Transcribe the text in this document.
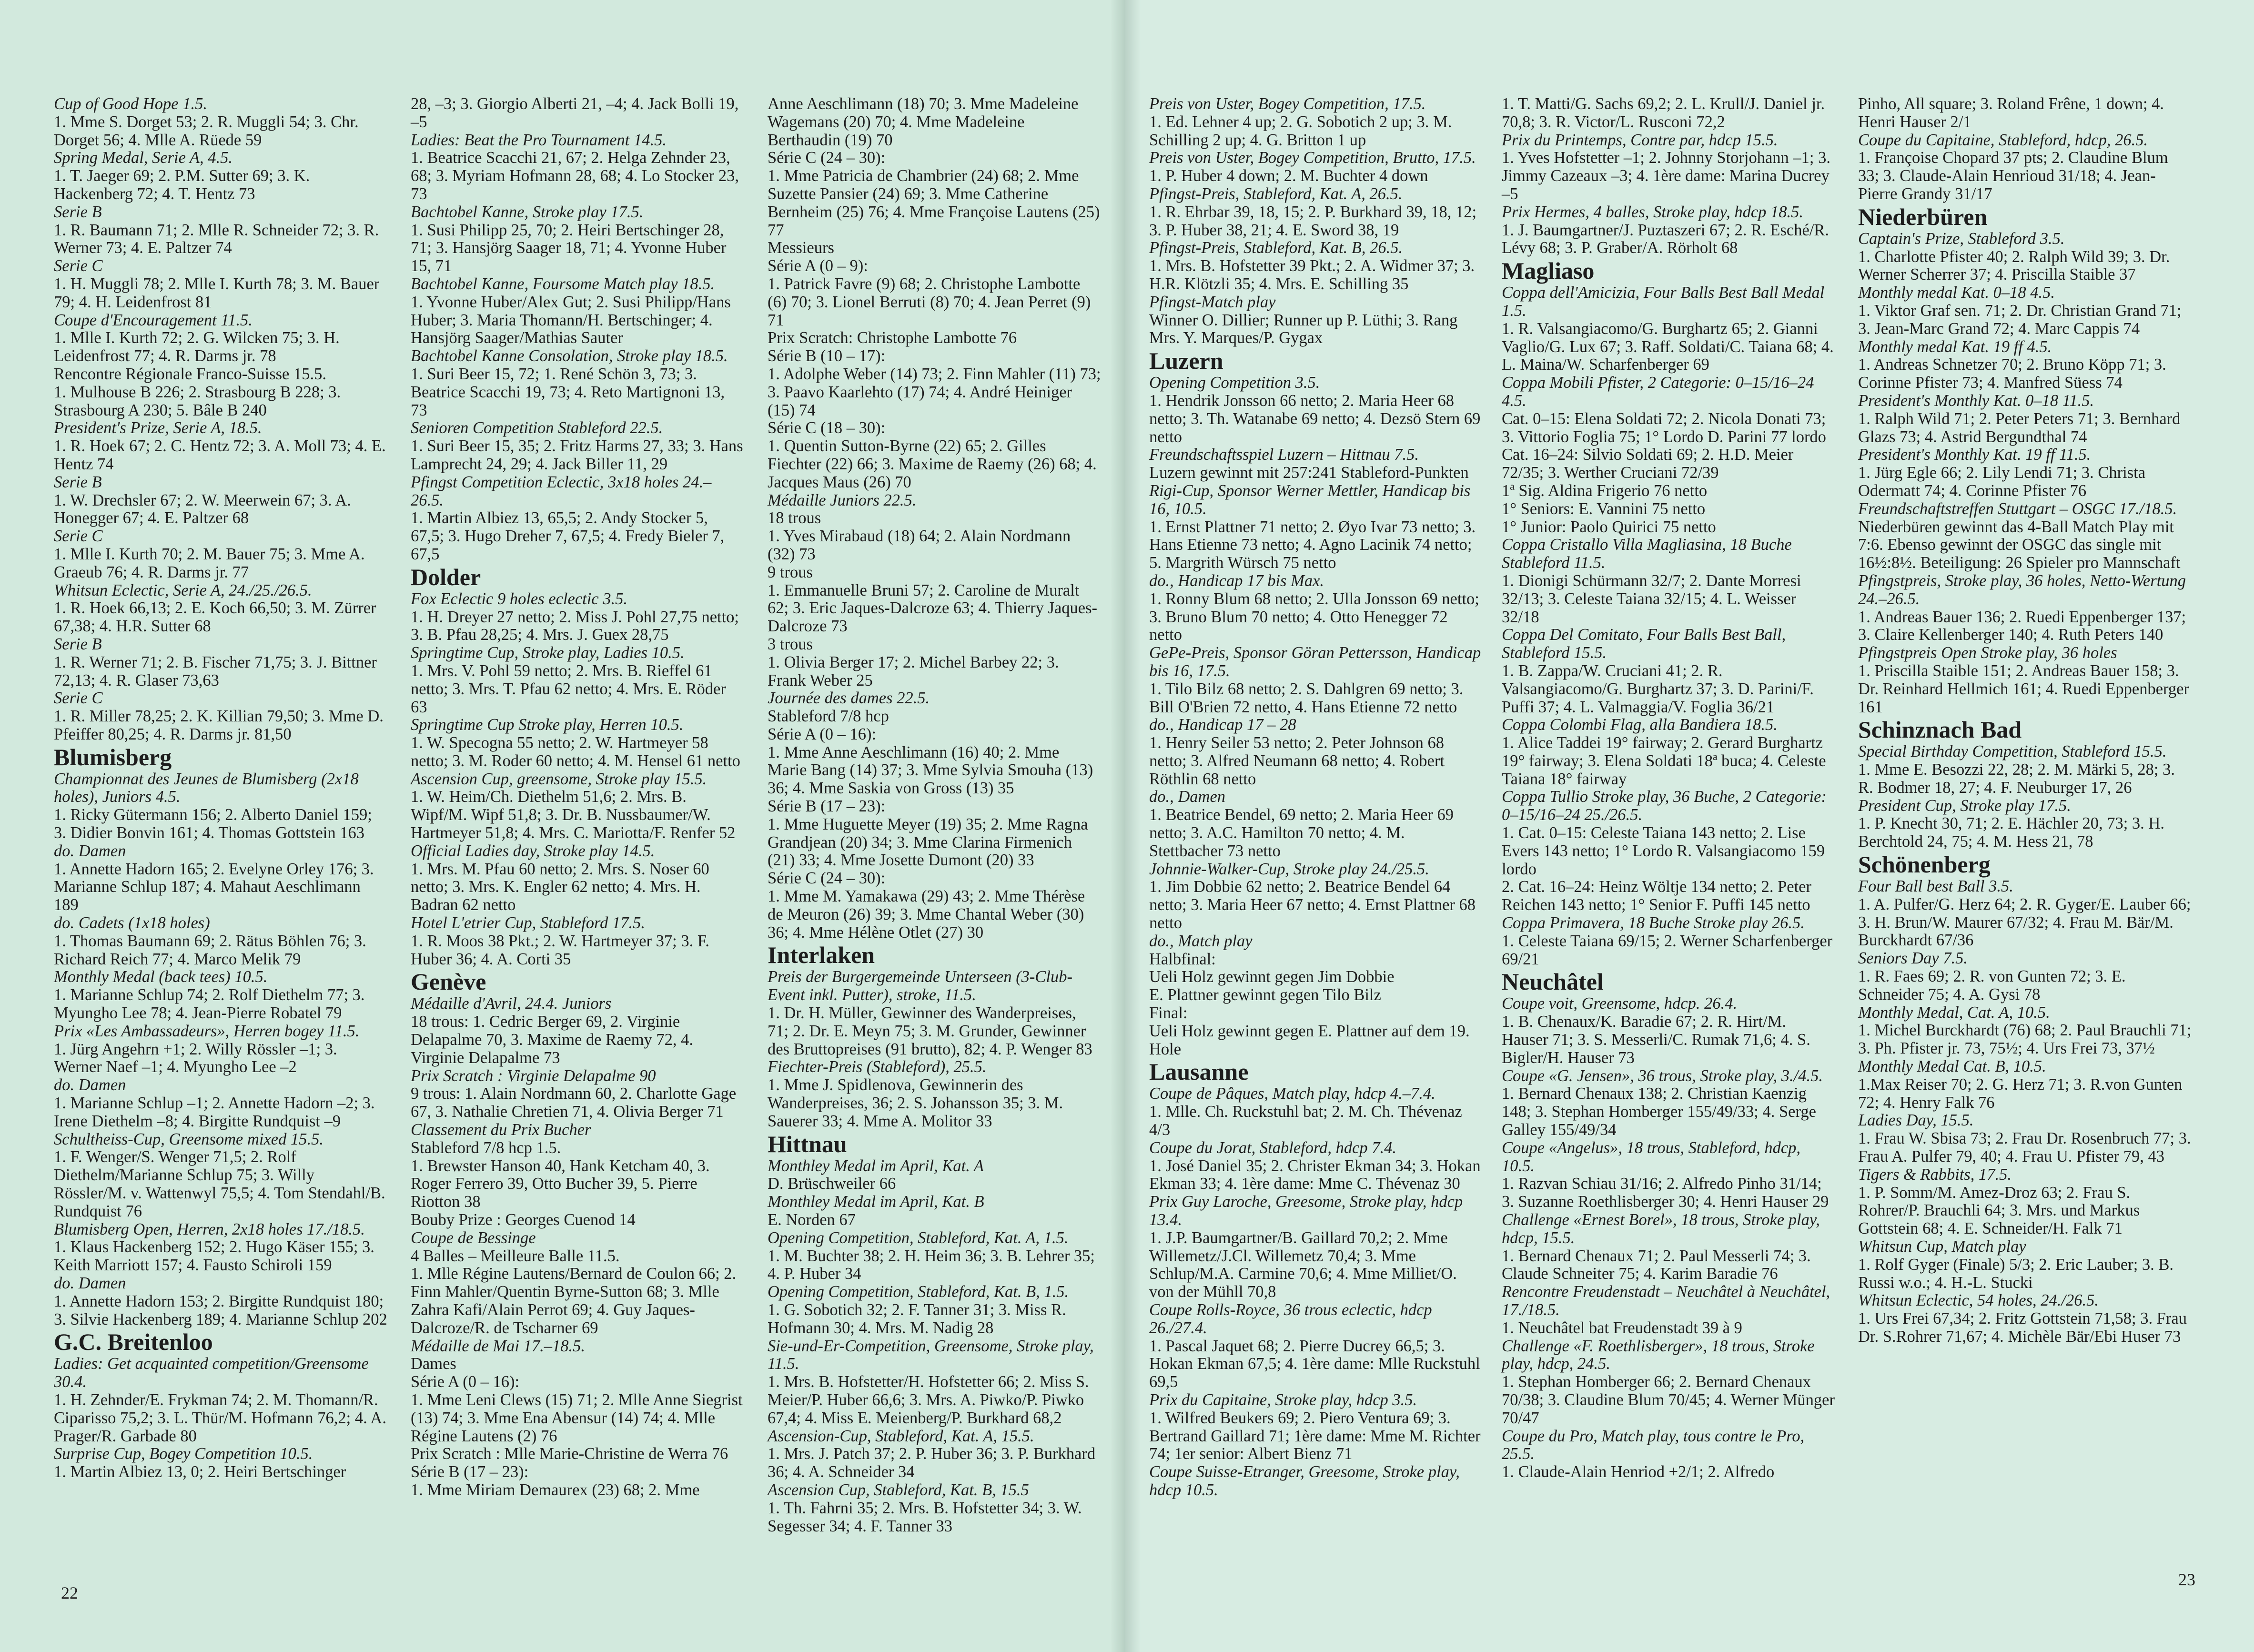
Cup of Good Hope 1.5.
1. Mme S. Dorget 53; 2. R. Muggli 54; 3. Chr. Dorget 56; 4. Mlle A. Rüede 59
Spring Medal, Serie A, 4.5.
1. T. Jaeger 69; 2. P.M. Sutter 69; 3. K. Hackenberg 72; 4. T. Hentz 73
Serie B
1. R. Baumann 71; 2. Mlle R. Schneider 72; 3. R. Werner 73; 4. E. Paltzer 74
Serie C
1. H. Muggli 78; 2. Mlle I. Kurth 78; 3. M. Bauer 79; 4. H. Leidenfrost 81
Coupe d'Encouragement 11.5.
1. Mlle I. Kurth 72; 2. G. Wilcken 75; 3. H. Leidenfrost 77; 4. R. Darms jr. 78
Rencontre Régionale Franco-Suisse 15.5.
1. Mulhouse B 226; 2. Strasbourg B 228; 3. Strasbourg A 230; 5. Bâle B 240
President's Prize, Serie A, 18.5.
1. R. Hoek 67; 2. C. Hentz 72; 3. A. Moll 73; 4. E. Hentz 74
Serie B
1. W. Drechsler 67; 2. W. Meerwein 67; 3. A. Honegger 67; 4. E. Paltzer 68
Serie C
1. Mlle I. Kurth 70; 2. M. Bauer 75; 3. Mme A. Graeub 76; 4. R. Darms jr. 77
Whitsun Eclectic, Serie A, 24./25./26.5.
1. R. Hoek 66,13; 2. E. Koch 66,50; 3. M. Zürrer 67,38; 4. H.R. Sutter 68
Serie B
1. R. Werner 71; 2. B. Fischer 71,75; 3. J. Bittner 72,13; 4. R. Glaser 73,63
Serie C
1. R. Miller 78,25; 2. K. Killian 79,50; 3. Mme D. Pfeiffer 80,25; 4. R. Darms jr. 81,50
Blumisberg
Championnat des Jeunes de Blumisberg (2x18 holes), Juniors 4.5.
1. Ricky Gütermann 156; 2. Alberto Daniel 159; 3. Didier Bonvin 161; 4. Thomas Gottstein 163
do. Damen
1. Annette Hadorn 165; 2. Evelyne Orley 176; 3. Marianne Schlup 187; 4. Mahaut Aeschlimann 189
do. Cadets (1x18 holes)
1. Thomas Baumann 69; 2. Rätus Böhlen 76; 3. Richard Reich 77; 4. Marco Melik 79
Monthly Medal (back tees) 10.5.
1. Marianne Schlup 74; 2. Rolf Diethelm 77; 3. Myungho Lee 78; 4. Jean-Pierre Robatel 79
Prix «Les Ambassadeurs», Herren bogey 11.5.
1. Jürg Angehrn +1; 2. Willy Rössler –1; 3. Werner Naef –1; 4. Myungho Lee –2
do. Damen
1. Marianne Schlup –1; 2. Annette Hadorn –2; 3. Irene Diethelm –8; 4. Birgitte Rundquist –9
Schultheiss-Cup, Greensome mixed 15.5.
1. F. Wenger/S. Wenger 71,5; 2. Rolf Diethelm/Marianne Schlup 75; 3. Willy Rössler/M. v. Wattenwyl 75,5; 4. Tom Stendahl/B. Rundquist 76
Blumisberg Open, Herren, 2x18 holes 17./18.5.
1. Klaus Hackenberg 152; 2. Hugo Käser 155; 3. Keith Marriott 157; 4. Fausto Schiroli 159
do. Damen
1. Annette Hadorn 153; 2. Birgitte Rundquist 180; 3. Silvie Hackenberg 189; 4. Marianne Schlup 202
G.C. Breitenloo
Ladies: Get acquainted competition/Greensome 30.4.
1. H. Zehnder/E. Frykman 74; 2. M. Thomann/R. Ciparisso 75,2; 3. L. Thür/M. Hofmann 76,2; 4. A. Prager/R. Garbade 80
Surprise Cup, Bogey Competition 10.5.
1. Martin Albiez 13, 0; 2. Heiri Bertschinger
28, –3; 3. Giorgio Alberti 21, –4; 4. Jack Bolli 19, –5
Ladies: Beat the Pro Tournament 14.5.
1. Beatrice Scacchi 21, 67; 2. Helga Zehnder 23, 68; 3. Myriam Hofmann 28, 68; 4. Lo Stocker 23, 73
Bachtobel Kanne, Stroke play 17.5.
1. Susi Philipp 25, 70; 2. Heiri Bertschinger 28, 71; 3. Hansjörg Saager 18, 71; 4. Yvonne Huber 15, 71
Bachtobel Kanne, Foursome Match play 18.5.
1. Yvonne Huber/Alex Gut; 2. Susi Philipp/Hans Huber; 3. Maria Thomann/H. Bertschinger; 4. Hansjörg Saager/Mathias Sauter
Bachtobel Kanne Consolation, Stroke play 18.5.
1. Suri Beer 15, 72; 1. René Schön 3, 73; 3. Beatrice Scacchi 19, 73; 4. Reto Martignoni 13, 73
Senioren Competition Stableford 22.5.
1. Suri Beer 15, 35; 2. Fritz Harms 27, 33; 3. Hans Lamprecht 24, 29; 4. Jack Biller 11, 29
Pfingst Competition Eclectic, 3x18 holes 24.–26.5.
1. Martin Albiez 13, 65,5; 2. Andy Stocker 5, 67,5; 3. Hugo Dreher 7, 67,5; 4. Fredy Bieler 7, 67,5
Dolder
Fox Eclectic 9 holes eclectic 3.5.
1. H. Dreyer 27 netto; 2. Miss J. Pohl 27,75 netto; 3. B. Pfau 28,25; 4. Mrs. J. Guex 28,75
Springtime Cup, Stroke play, Ladies 10.5.
1. Mrs. V. Pohl 59 netto; 2. Mrs. B. Rieffel 61 netto; 3. Mrs. T. Pfau 62 netto; 4. Mrs. E. Röder 63
Springtime Cup Stroke play, Herren 10.5.
1. W. Specogna 55 netto; 2. W. Hartmeyer 58 netto; 3. M. Roder 60 netto; 4. M. Hensel 61 netto
Ascension Cup, greensome, Stroke play 15.5.
1. W. Heim/Ch. Diethelm 51,6; 2. Mrs. B. Wipf/M. Wipf 51,8; 3. Dr. B. Nussbaumer/W. Hartmeyer 51,8; 4. Mrs. C. Mariotta/F. Renfer 52
Official Ladies day, Stroke play 14.5.
1. Mrs. M. Pfau 60 netto; 2. Mrs. S. Noser 60 netto; 3. Mrs. K. Engler 62 netto; 4. Mrs. H. Badran 62 netto
Hotel L'etrier Cup, Stableford 17.5.
1. R. Moos 38 Pkt.; 2. W. Hartmeyer 37; 3. F. Huber 36; 4. A. Corti 35
Genève
Médaille d'Avril, 24.4. Juniors
18 trous: 1. Cedric Berger 69, 2. Virginie Delapalme 70, 3. Maxime de Raemy 72, 4. Virginie Delapalme 73
Prix Scratch : Virginie Delapalme 90
9 trous: 1. Alain Nordmann 60, 2. Charlotte Gage 67, 3. Nathalie Chretien 71, 4. Olivia Berger 71
Classement du Prix Bucher
Stableford 7/8 hcp 1.5.
1. Brewster Hanson 40, Hank Ketcham 40, 3. Roger Ferrero 39, Otto Bucher 39, 5. Pierre Riotton 38
Bouby Prize : Georges Cuenod 14
Coupe de Bessinge
4 Balles – Meilleure Balle 11.5.
1. Mlle Régine Lautens/Bernard de Coulon 66; 2. Finn Mahler/Quentin Byrne-Sutton 68; 3. Mlle Zahra Kafi/Alain Perrot 69; 4. Guy Jaques-Dalcroze/R. de Tscharner 69
Médaille de Mai 17.–18.5.
Dames
Série A (0 – 16):
1. Mme Leni Clews (15) 71; 2. Mlle Anne Siegrist (13) 74; 3. Mme Ena Abensur (14) 74; 4. Mlle Régine Lautens (2) 76
Prix Scratch : Mlle Marie-Christine de Werra 76
Série B (17 – 23):
1. Mme Miriam Demaurex (23) 68; 2. Mme
Anne Aeschlimann (18) 70; 3. Mme Madeleine Wagemans (20) 70; 4. Mme Madeleine Berthaudin (19) 70
Série C (24 – 30):
1. Mme Patricia de Chambrier (24) 68; 2. Mme Suzette Pansier (24) 69; 3. Mme Catherine Bernheim (25) 76; 4. Mme Françoise Lautens (25) 77
Messieurs
Série A (0 – 9):
1. Patrick Favre (9) 68; 2. Christophe Lambotte (6) 70; 3. Lionel Berruti (8) 70; 4. Jean Perret (9) 71
Prix Scratch: Christophe Lambotte 76
Série B (10 – 17):
1. Adolphe Weber (14) 73; 2. Finn Mahler (11) 73; 3. Paavo Kaarlehto (17) 74; 4. André Heiniger (15) 74
Série C (18 – 30):
1. Quentin Sutton-Byrne (22) 65; 2. Gilles Fiechter (22) 66; 3. Maxime de Raemy (26) 68; 4. Jacques Maus (26) 70
Médaille Juniors 22.5.
18 trous
1. Yves Mirabaud (18) 64; 2. Alain Nordmann (32) 73
9 trous
1. Emmanuelle Bruni 57; 2. Caroline de Muralt 62; 3. Eric Jaques-Dalcroze 63; 4. Thierry Jaques-Dalcroze 73
3 trous
1. Olivia Berger 17; 2. Michel Barbey 22; 3. Frank Weber 25
Journée des dames 22.5.
Stableford 7/8 hcp
Série A (0 – 16):
1. Mme Anne Aeschlimann (16) 40; 2. Mme Marie Bang (14) 37; 3. Mme Sylvia Smouha (13) 36; 4. Mme Saskia von Gross (13) 35
Série B (17 – 23):
1. Mme Huguette Meyer (19) 35; 2. Mme Ragna Grandjean (20) 34; 3. Mme Clarina Firmenich (21) 33; 4. Mme Josette Dumont (20) 33
Série C (24 – 30):
1. Mme M. Yamakawa (29) 43; 2. Mme Thérèse de Meuron (26) 39; 3. Mme Chantal Weber (30) 36; 4. Mme Hélène Otlet (27) 30
Interlaken
Preis der Burgergemeinde Unterseen (3-Club-Event inkl. Putter), stroke, 11.5.
1. Dr. H. Müller, Gewinner des Wanderpreises, 71; 2. Dr. E. Meyn 75; 3. M. Grunder, Gewinner des Bruttopreises (91 brutto), 82; 4. P. Wenger 83
Fiechter-Preis (Stableford), 25.5.
1. Mme J. Spidlenova, Gewinnerin des Wanderpreises, 36; 2. S. Johansson 35; 3. M. Sauerer 33; 4. Mme A. Molitor 33
Hittnau
Monthley Medal im April, Kat. A
D. Brüschweiler 66
Monthley Medal im April, Kat. B
E. Norden 67
Opening Competition, Stableford, Kat. A, 1.5.
1. M. Buchter 38; 2. H. Heim 36; 3. B. Lehrer 35; 4. P. Huber 34
Opening Competition, Stableford, Kat. B, 1.5.
1. G. Sobotich 32; 2. F. Tanner 31; 3. Miss R. Hofmann 30; 4. Mrs. M. Nadig 28
Sie-und-Er-Competition, Greensome, Stroke play, 11.5.
1. Mrs. B. Hofstetter/H. Hofstetter 66; 2. Miss S. Meier/P. Huber 66,6; 3. Mrs. A. Piwko/P. Piwko 67,4; 4. Miss E. Meienberg/P. Burkhard 68,2
Ascension-Cup, Stableford, Kat. A, 15.5.
1. Mrs. J. Patch 37; 2. P. Huber 36; 3. P. Burkhard 36; 4. A. Schneider 34
Ascension Cup, Stableford, Kat. B, 15.5
1. Th. Fahrni 35; 2. Mrs. B. Hofstetter 34; 3. W. Segesser 34; 4. F. Tanner 33
Preis von Uster, Bogey Competition, 17.5.
1. Ed. Lehner 4 up; 2. G. Sobotich 2 up; 3. M. Schilling 2 up; 4. G. Britton 1 up
Preis von Uster, Bogey Competition, Brutto, 17.5.
1. P. Huber 4 down; 2. M. Buchter 4 down
Pfingst-Preis, Stableford, Kat. A, 26.5.
1. R. Ehrbar 39, 18, 15; 2. P. Burkhard 39, 18, 12; 3. P. Huber 38, 21; 4. E. Sword 38, 19
Pfingst-Preis, Stableford, Kat. B, 26.5.
1. Mrs. B. Hofstetter 39 Pkt.; 2. A. Widmer 37; 3. H.R. Klötzli 35; 4. Mrs. E. Schilling 35
Pfingst-Match play
Winner O. Dillier; Runner up P. Lüthi; 3. Rang Mrs. Y. Marques/P. Gygax
Luzern
Opening Competition 3.5.
1. Hendrik Jonsson 66 netto; 2. Maria Heer 68 netto; 3. Th. Watanabe 69 netto; 4. Dezsö Stern 69 netto
Freundschaftsspiel Luzern – Hittnau 7.5.
Luzern gewinnt mit 257:241 Stableford-Punkten
Rigi-Cup, Sponsor Werner Mettler, Handicap bis 16, 10.5.
1. Ernst Plattner 71 netto; 2. Øyo Ivar 73 netto; 3. Hans Etienne 73 netto; 4. Agno Lacinik 74 netto; 5. Margrith Würsch 75 netto
do., Handicap 17 bis Max.
1. Ronny Blum 68 netto; 2. Ulla Jonsson 69 netto; 3. Bruno Blum 70 netto; 4. Otto Henegger 72 netto
GePe-Preis, Sponsor Göran Pettersson, Handicap bis 16, 17.5.
1. Tilo Bilz 68 netto; 2. S. Dahlgren 69 netto; 3. Bill O'Brien 72 netto, 4. Hans Etienne 72 netto
do., Handicap 17 – 28
1. Henry Seiler 53 netto; 2. Peter Johnson 68 netto; 3. Alfred Neumann 68 netto; 4. Robert Röthlin 68 netto
do., Damen
1. Beatrice Bendel, 69 netto; 2. Maria Heer 69 netto; 3. A.C. Hamilton 70 netto; 4. M. Stettbacher 73 netto
Johnnie-Walker-Cup, Stroke play 24./25.5.
1. Jim Dobbie 62 netto; 2. Beatrice Bendel 64 netto; 3. Maria Heer 67 netto; 4. Ernst Plattner 68 netto
do., Match play
Halbfinal:
Ueli Holz gewinnt gegen Jim Dobbie
E. Plattner gewinnt gegen Tilo Bilz
Final:
Ueli Holz gewinnt gegen E. Plattner auf dem 19. Hole
Lausanne
Coupe de Pâques, Match play, hdcp 4.–7.4.
1. Mlle. Ch. Ruckstuhl bat; 2. M. Ch. Thévenaz 4/3
Coupe du Jorat, Stableford, hdcp 7.4.
1. José Daniel 35; 2. Christer Ekman 34; 3. Hokan Ekman 33; 4. 1ère dame: Mme C. Thévenaz 30
Prix Guy Laroche, Greesome, Stroke play, hdcp 13.4.
1. J.P. Baumgartner/B. Gaillard 70,2; 2. Mme Willemetz/J.Cl. Willemetz 70,4; 3. Mme Schlup/M.A. Carmine 70,6; 4. Mme Milliet/O. von der Mühll 70,8
Coupe Rolls-Royce, 36 trous eclectic, hdcp 26./27.4.
1. Pascal Jaquet 68; 2. Pierre Ducrey 66,5; 3. Hokan Ekman 67,5; 4. 1ère dame: Mlle Ruckstuhl 69,5
Prix du Capitaine, Stroke play, hdcp 3.5.
1. Wilfred Beukers 69; 2. Piero Ventura 69; 3. Bertrand Gaillard 71; 1ère dame: Mme M. Richter 74; 1er senior: Albert Bienz 71
Coupe Suisse-Etranger, Greesome, Stroke play, hdcp 10.5.
1. T. Matti/G. Sachs 69,2; 2. L. Krull/J. Daniel jr. 70,8; 3. R. Victor/L. Rusconi 72,2
Prix du Printemps, Contre par, hdcp 15.5.
1. Yves Hofstetter –1; 2. Johnny Storjohann –1; 3. Jimmy Cazeaux –3; 4. 1ère dame: Marina Ducrey –5
Prix Hermes, 4 balles, Stroke play, hdcp 18.5.
1. J. Baumgartner/J. Puztaszeri 67; 2. R. Esché/R. Lévy 68; 3. P. Graber/A. Rörholt 68
Magliaso
Coppa dell'Amicizia, Four Balls Best Ball Medal 1.5.
1. R. Valsangiacomo/G. Burghartz 65; 2. Gianni Vaglio/G. Lux 67; 3. Raff. Soldati/C. Taiana 68; 4. L. Maina/W. Scharfenberger 69
Coppa Mobili Pfister, 2 Categorie: 0–15/16–24 4.5.
Cat. 0–15: Elena Soldati 72; 2. Nicola Donati 73; 3. Vittorio Foglia 75; 1° Lordo D. Parini 77 lordo
Cat. 16–24: Silvio Soldati 69; 2. H.D. Meier 72/35; 3. Werther Cruciani 72/39
1ª Sig. Aldina Frigerio 76 netto
1° Seniors: E. Vannini 75 netto
1° Junior: Paolo Quirici 75 netto
Coppa Cristallo Villa Magliasina, 18 Buche Stableford 11.5.
1. Dionigi Schürmann 32/7; 2. Dante Morresi 32/13; 3. Celeste Taiana 32/15; 4. L. Weisser 32/18
Coppa Del Comitato, Four Balls Best Ball, Stableford 15.5.
1. B. Zappa/W. Cruciani 41; 2. R. Valsangiacomo/G. Burghartz 37; 3. D. Parini/F. Puffi 37; 4. L. Valmaggia/V. Foglia 36/21
Coppa Colombi Flag, alla Bandiera 18.5.
1. Alice Taddei 19° fairway; 2. Gerard Burghartz 19° fairway; 3. Elena Soldati 18ª buca; 4. Celeste Taiana 18° fairway
Coppa Tullio Stroke play, 36 Buche, 2 Categorie: 0–15/16–24 25./26.5.
1. Cat. 0–15: Celeste Taiana 143 netto; 2. Lise Evers 143 netto; 1° Lordo R. Valsangiacomo 159 lordo
2. Cat. 16–24: Heinz Wöltje 134 netto; 2. Peter Reichen 143 netto; 1° Senior F. Puffi 145 netto
Coppa Primavera, 18 Buche Stroke play 26.5.
1. Celeste Taiana 69/15; 2. Werner Scharfenberger 69/21
Neuchâtel
Coupe voit, Greensome, hdcp. 26.4.
1. B. Chenaux/K. Baradie 67; 2. R. Hirt/M. Hauser 71; 3. S. Messerli/C. Rumak 71,6; 4. S. Bigler/H. Hauser 73
Coupe «G. Jensen», 36 trous, Stroke play, 3./4.5.
1. Bernard Chenaux 138; 2. Christian Kaenzig 148; 3. Stephan Homberger 155/49/33; 4. Serge Galley 155/49/34
Coupe «Angelus», 18 trous, Stableford, hdcp, 10.5.
1. Razvan Schiau 31/16; 2. Alfredo Pinho 31/14; 3. Suzanne Roethlisberger 30; 4. Henri Hauser 29
Challenge «Ernest Borel», 18 trous, Stroke play, hdcp, 15.5.
1. Bernard Chenaux 71; 2. Paul Messerli 74; 3. Claude Schneiter 75; 4. Karim Baradie 76
Rencontre Freudenstadt – Neuchâtel à Neuchâtel, 17./18.5.
1. Neuchâtel bat Freudenstadt 39 à 9
Challenge «F. Roethlisberger», 18 trous, Stroke play, hdcp, 24.5.
1. Stephan Homberger 66; 2. Bernard Chenaux 70/38; 3. Claudine Blum 70/45; 4. Werner Münger 70/47
Coupe du Pro, Match play, tous contre le Pro, 25.5.
1. Claude-Alain Henriod +2/1; 2. Alfredo
Pinho, All square; 3. Roland Frêne, 1 down; 4. Henri Hauser 2/1
Coupe du Capitaine, Stableford, hdcp, 26.5.
1. Françoise Chopard 37 pts; 2. Claudine Blum 33; 3. Claude-Alain Henrioud 31/18; 4. Jean-Pierre Grandy 31/17
Niederbüren
Captain's Prize, Stableford 3.5.
1. Charlotte Pfister 40; 2. Ralph Wild 39; 3. Dr. Werner Scherrer 37; 4. Priscilla Staible 37
Monthly medal Kat. 0–18 4.5.
1. Viktor Graf sen. 71; 2. Dr. Christian Grand 71; 3. Jean-Marc Grand 72; 4. Marc Cappis 74
Monthly medal Kat. 19 ff 4.5.
1. Andreas Schnetzer 70; 2. Bruno Köpp 71; 3. Corinne Pfister 73; 4. Manfred Süess 74
President's Monthly Kat. 0–18 11.5.
1. Ralph Wild 71; 2. Peter Peters 71; 3. Bernhard Glazs 73; 4. Astrid Bergundthal 74
President's Monthly Kat. 19 ff 11.5.
1. Jürg Egle 66; 2. Lily Lendi 71; 3. Christa Odermatt 74; 4. Corinne Pfister 76
Freundschaftstreffen Stuttgart – OSGC 17./18.5.
Niederbüren gewinnt das 4-Ball Match Play mit 7:6. Ebenso gewinnt der OSGC das single mit 16½:8½. Beteiligung: 26 Spieler pro Mannschaft
Pfingstpreis, Stroke play, 36 holes, Netto-Wertung 24.–26.5.
1. Andreas Bauer 136; 2. Ruedi Eppenberger 137; 3. Claire Kellenberger 140; 4. Ruth Peters 140
Pfingstpreis Open Stroke play, 36 holes
1. Priscilla Staible 151; 2. Andreas Bauer 158; 3. Dr. Reinhard Hellmich 161; 4. Ruedi Eppenberger 161
Schinznach Bad
Special Birthday Competition, Stableford 15.5.
1. Mme E. Besozzi 22, 28; 2. M. Märki 5, 28; 3. R. Bodmer 18, 27; 4. F. Neuburger 17, 26
President Cup, Stroke play 17.5.
1. P. Knecht 30, 71; 2. E. Hächler 20, 73; 3. H. Berchtold 24, 75; 4. M. Hess 21, 78
Schönenberg
Four Ball best Ball 3.5.
1. A. Pulfer/G. Herz 64; 2. R. Gyger/E. Lauber 66; 3. H. Brun/W. Maurer 67/32; 4. Frau M. Bär/M. Burckhardt 67/36
Seniors Day 7.5.
1. R. Faes 69; 2. R. von Gunten 72; 3. E. Schneider 75; 4. A. Gysi 78
Monthly Medal, Cat. A, 10.5.
1. Michel Burckhardt (76) 68; 2. Paul Brauchli 71; 3. Ph. Pfister jr. 73, 75½; 4. Urs Frei 73, 37½
Monthly Medal Cat. B, 10.5.
1.Max Reiser 70; 2. G. Herz 71; 3. R.von Gunten 72; 4. Henry Falk 76
Ladies Day, 15.5.
1. Frau W. Sbisa 73; 2. Frau Dr. Rosenbruch 77; 3. Frau A. Pulfer 79, 40; 4. Frau U. Pfister 79, 43
Tigers & Rabbits, 17.5.
1. P. Somm/M. Amez-Droz 63; 2. Frau S. Rohrer/P. Brauchli 64; 3. Mrs. und Markus Gottstein 68; 4. E. Schneider/H. Falk 71
Whitsun Cup, Match play
1. Rolf Gyger (Finale) 5/3; 2. Eric Lauber; 3. B. Russi w.o.; 4. H.-L. Stucki
Whitsun Eclectic, 54 holes, 24./26.5.
1. Urs Frei 67,34; 2. Fritz Gottstein 71,58; 3. Frau Dr. S.Rohrer 71,67; 4. Michèle Bär/Ebi Huser 73
22
23
